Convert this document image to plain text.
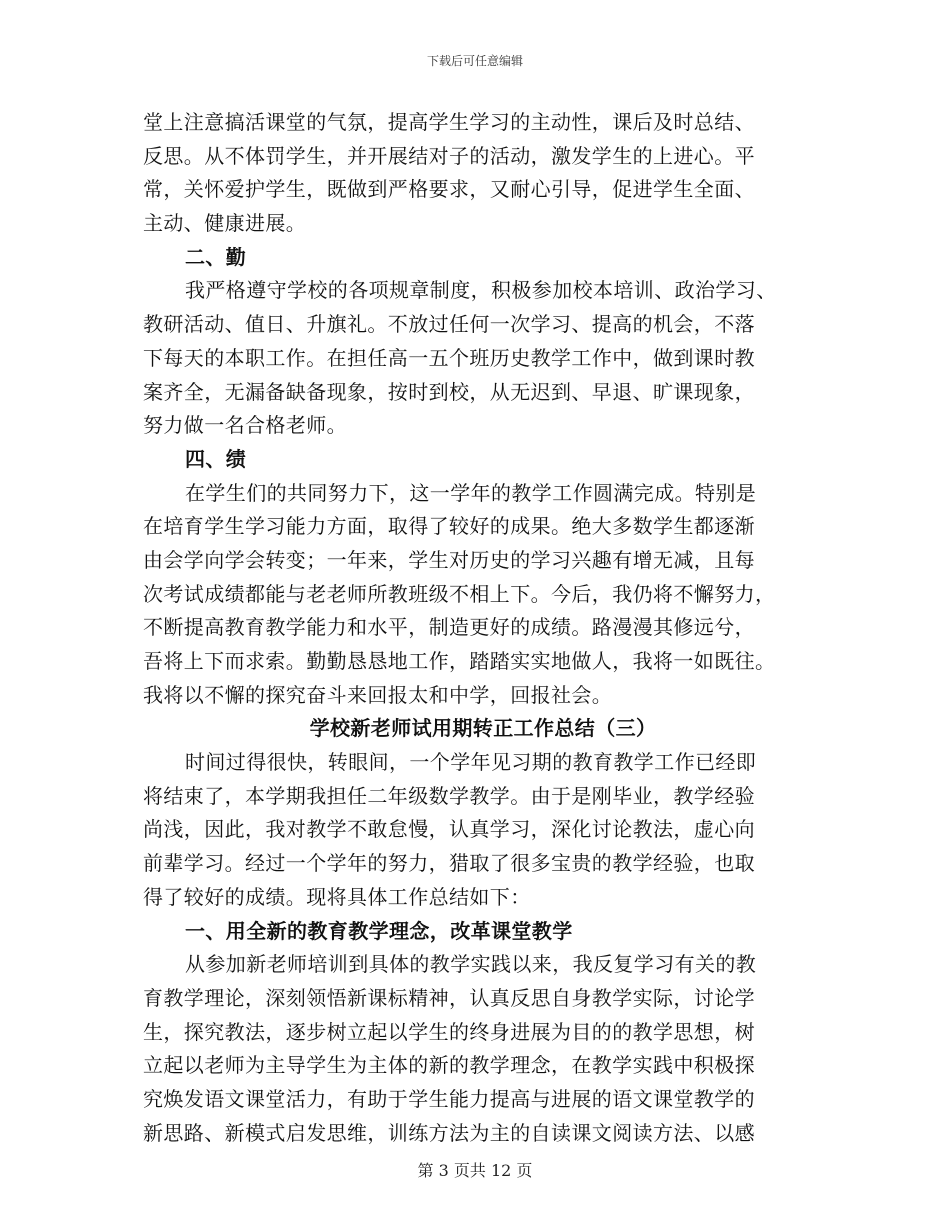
下载后可任意编辑
堂上注意搞活课堂的气氛，提高学生学习的主动性，课后及时总结、
反思。从不体罚学生，并开展结对子的活动，激发学生的上进心。平
常，关怀爱护学生，既做到严格要求，又耐心引导，促进学生全面、
主动、健康进展。
二、勤
我严格遵守学校的各项规章制度，积极参加校本培训、政治学习、
教研活动、值日、升旗礼。不放过任何一次学习、提高的机会，不落
下每天的本职工作。在担任高一五个班历史教学工作中，做到课时教
案齐全，无漏备缺备现象，按时到校，从无迟到、早退、旷课现象，
努力做一名合格老师。
四、绩
在学生们的共同努力下，这一学年的教学工作圆满完成。特别是
在培育学生学习能力方面，取得了较好的成果。绝大多数学生都逐渐
由会学向学会转变；一年来，学生对历史的学习兴趣有增无减，且每
次考试成绩都能与老老师所教班级不相上下。今后，我仍将不懈努力，
不断提高教育教学能力和水平，制造更好的成绩。路漫漫其修远兮，
吾将上下而求索。勤勤恳恳地工作，踏踏实实地做人，我将一如既往。
我将以不懈的探究奋斗来回报太和中学，回报社会。
学校新老师试用期转正工作总结（三）
时间过得很快，转眼间，一个学年见习期的教育教学工作已经即
将结束了，本学期我担任二年级数学教学。由于是刚毕业，教学经验
尚浅，因此，我对教学不敢怠慢，认真学习，深化讨论教法，虚心向
前辈学习。经过一个学年的努力，猎取了很多宝贵的教学经验，也取
得了较好的成绩。现将具体工作总结如下：
一、用全新的教育教学理念，改革课堂教学
从参加新老师培训到具体的教学实践以来，我反复学习有关的教
育教学理论，深刻领悟新课标精神，认真反思自身教学实际，讨论学
生，探究教法，逐步树立起以学生的终身进展为目的的教学思想，树
立起以老师为主导学生为主体的新的教学理念，在教学实践中积极探
究焕发语文课堂活力，有助于学生能力提高与进展的语文课堂教学的
新思路、新模式启发思维，训练方法为主的自读课文阅读方法、以感
第 3 页共 12 页
